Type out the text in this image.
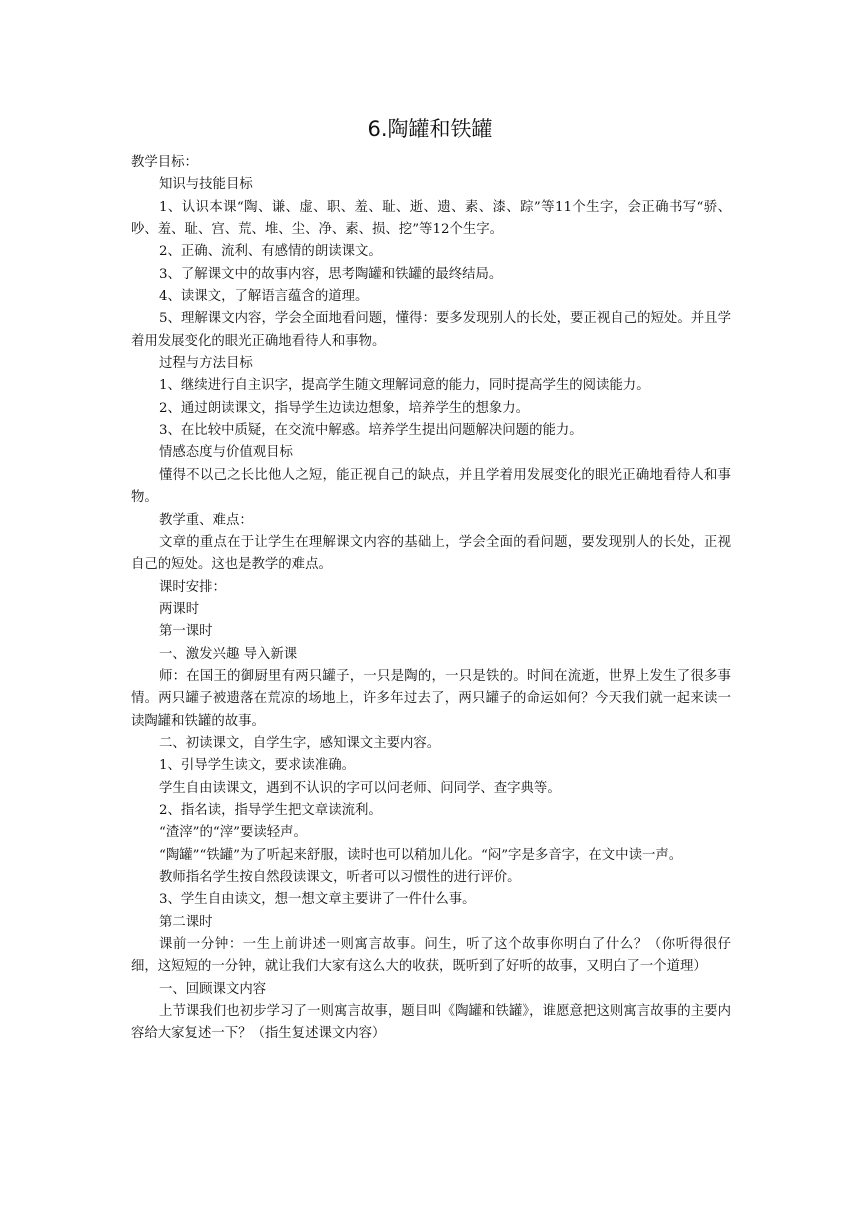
6.陶罐和铁罐

教学目标：

知识与技能目标

1、认识本课“陶、谦、虚、职、羞、耻、逝、遗、素、漆、踪”等11个生字，会正确书写“骄、吵、羞、耻、宫、荒、堆、尘、净、素、损、挖”等12个生字。

2、正确、流利、有感情的朗读课文。

3、了解课文中的故事内容，思考陶罐和铁罐的最终结局。

4、读课文，了解语言蕴含的道理。

5、理解课文内容，学会全面地看问题，懂得：要多发现别人的长处，要正视自己的短处。并且学着用发展变化的眼光正确地看待人和事物。

过程与方法目标

1、继续进行自主识字，提高学生随文理解词意的能力，同时提高学生的阅读能力。

2、通过朗读课文，指导学生边读边想象，培养学生的想象力。

3、在比较中质疑，在交流中解惑。培养学生提出问题解决问题的能力。

情感态度与价值观目标

懂得不以己之长比他人之短，能正视自己的缺点，并且学着用发展变化的眼光正确地看待人和事物。

教学重、难点：

文章的重点在于让学生在理解课文内容的基础上，学会全面的看问题，要发现别人的长处，正视自己的短处。这也是教学的难点。

课时安排：

两课时

第一课时

一、激发兴趣 导入新课

师：在国王的御厨里有两只罐子，一只是陶的，一只是铁的。时间在流逝，世界上发生了很多事情。两只罐子被遗落在荒凉的场地上，许多年过去了，两只罐子的命运如何？今天我们就一起来读一读陶罐和铁罐的故事。

二、初读课文，自学生字，感知课文主要内容。

1、引导学生读文，要求读准确。

学生自由读课文，遇到不认识的字可以问老师、问同学、查字典等。

2、指名读，指导学生把文章读流利。

“渣滓”的“滓”要读轻声。

“陶罐”“铁罐”为了听起来舒服，读时也可以稍加儿化。“闷”字是多音字，在文中读一声。

教师指名学生按自然段读课文，听者可以习惯性的进行评价。

3、学生自由读文，想一想文章主要讲了一件什么事。

第二课时

课前一分钟：一生上前讲述一则寓言故事。问生，听了这个故事你明白了什么？（你听得很仔细，这短短的一分钟，就让我们大家有这么大的收获，既听到了好听的故事，又明白了一个道理）

一、回顾课文内容

上节课我们也初步学习了一则寓言故事，题目叫《陶罐和铁罐》，谁愿意把这则寓言故事的主要内容给大家复述一下？（指生复述课文内容）
